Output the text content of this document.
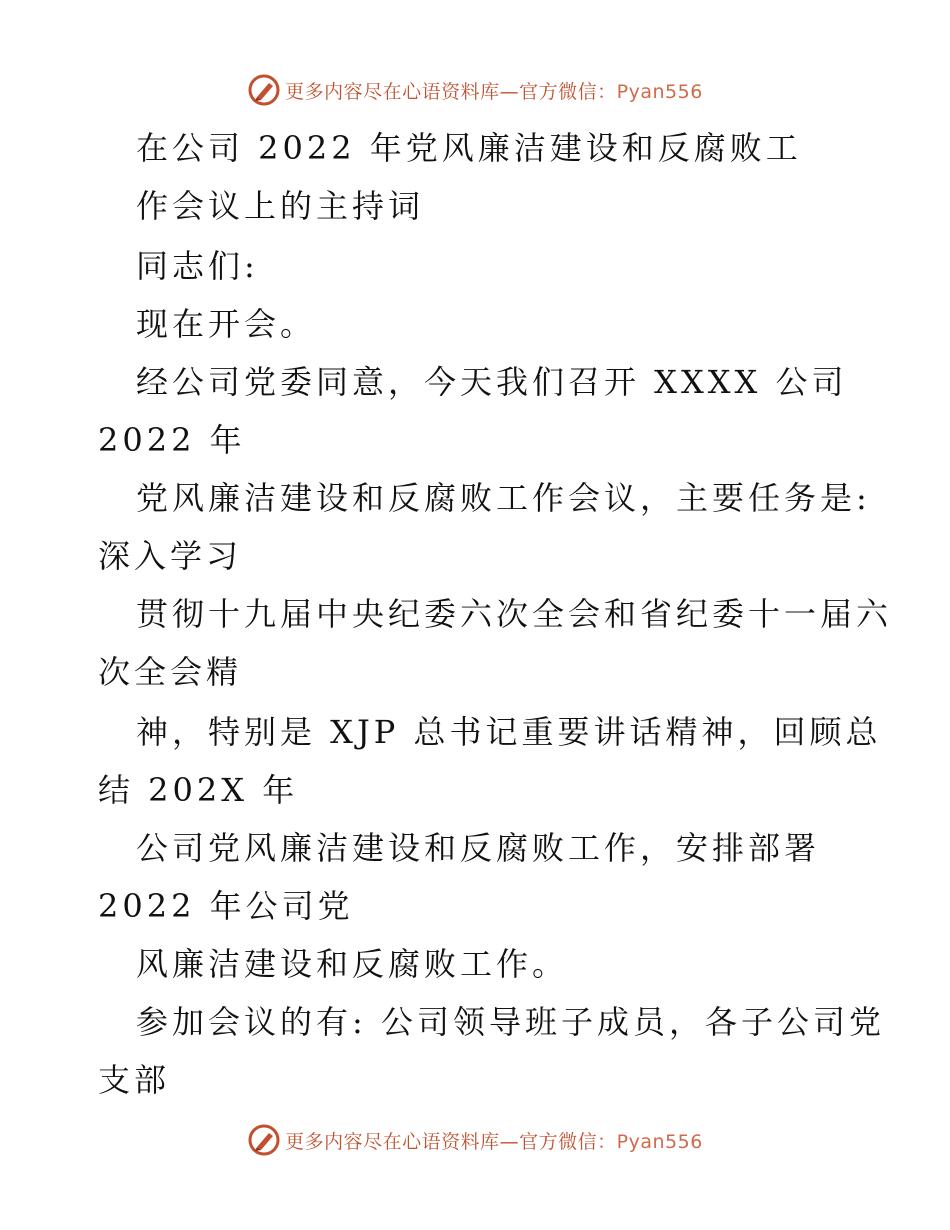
更多内容尽在心语资料库—官方微信：Pyan556
在公司 2022 年党风廉洁建设和反腐败工
作会议上的主持词
同志们:
现在开会。
经公司党委同意，今天我们召开 XXXX 公司
2022 年
党风廉洁建设和反腐败工作会议，主要任务是:
深入学习
贯彻十九届中央纪委六次全会和省纪委十一届六
次全会精
神，特别是 XJP 总书记重要讲话精神，回顾总
结 202X 年
公司党风廉洁建设和反腐败工作，安排部署
2022 年公司党
风廉洁建设和反腐败工作。
参加会议的有: 公司领导班子成员，各子公司党
支部
更多内容尽在心语资料库—官方微信：Pyan556
